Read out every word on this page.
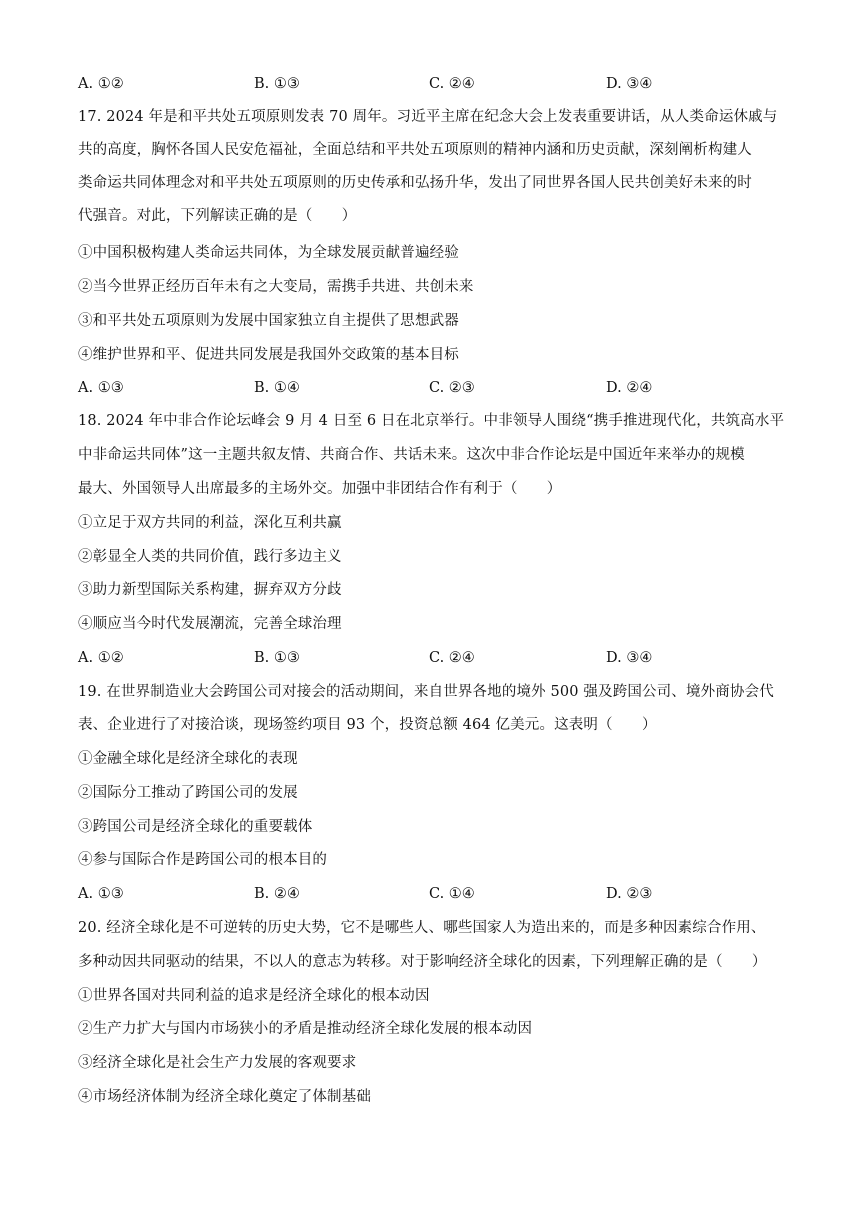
A. ①②	B. ①③	C. ②④	D. ③④
17. 2024 年是和平共处五项原则发表 70 周年。习近平主席在纪念大会上发表重要讲话，从人类命运休戚与
共的高度，胸怀各国人民安危福祉，全面总结和平共处五项原则的精神内涵和历史贡献，深刻阐析构建人
类命运共同体理念对和平共处五项原则的历史传承和弘扬升华，发出了同世界各国人民共创美好未来的时
代强音。对此，下列解读正确的是（　　）
①中国积极构建人类命运共同体，为全球发展贡献普遍经验
②当今世界正经历百年未有之大变局，需携手共进、共创未来
③和平共处五项原则为发展中国家独立自主提供了思想武器
④维护世界和平、促进共同发展是我国外交政策的基本目标
A. ①③	B. ①④	C. ②③	D. ②④
18. 2024 年中非合作论坛峰会 9 月 4 日至 6 日在北京举行。中非领导人围绕“携手推进现代化，共筑高水平
中非命运共同体”这一主题共叙友情、共商合作、共话未来。这次中非合作论坛是中国近年来举办的规模
最大、外国领导人出席最多的主场外交。加强中非团结合作有利于（　　）
①立足于双方共同的利益，深化互利共赢
②彰显全人类的共同价值，践行多边主义
③助力新型国际关系构建，摒弃双方分歧
④顺应当今时代发展潮流，完善全球治理
A. ①②	B. ①③	C. ②④	D. ③④
19. 在世界制造业大会跨国公司对接会的活动期间，来自世界各地的境外 500 强及跨国公司、境外商协会代
表、企业进行了对接洽谈，现场签约项目 93 个，投资总额 464 亿美元。这表明（　　）
①金融全球化是经济全球化的表现
②国际分工推动了跨国公司的发展
③跨国公司是经济全球化的重要载体
④参与国际合作是跨国公司的根本目的
A. ①③	B. ②④	C. ①④	D. ②③
20. 经济全球化是不可逆转的历史大势，它不是哪些人、哪些国家人为造出来的，而是多种因素综合作用、
多种动因共同驱动的结果，不以人的意志为转移。对于影响经济全球化的因素，下列理解正确的是（　　）
①世界各国对共同利益的追求是经济全球化的根本动因
②生产力扩大与国内市场狭小的矛盾是推动经济全球化发展的根本动因
③经济全球化是社会生产力发展的客观要求
④市场经济体制为经济全球化奠定了体制基础
